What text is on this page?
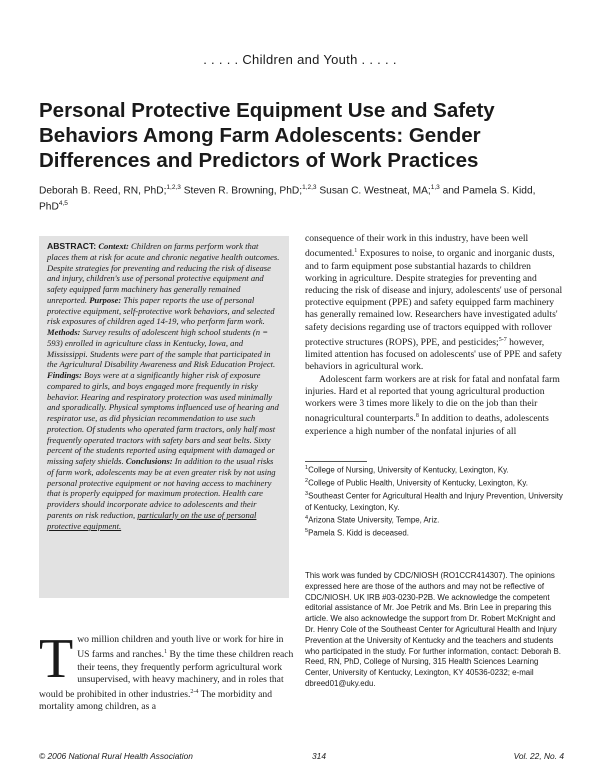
. . . . . Children and Youth . . . . .
Personal Protective Equipment Use and Safety Behaviors Among Farm Adolescents: Gender Differences and Predictors of Work Practices
Deborah B. Reed, RN, PhD;$^{1,2,3}$ Steven R. Browning, PhD;$^{1,2,3}$ Susan C. Westneat, MA;$^{1,3}$ and Pamela S. Kidd, PhD$^{4,5}$
ABSTRACT: Context: Children on farms perform work that places them at risk for acute and chronic negative health outcomes. Despite strategies for preventing and reducing the risk of disease and injury, children's use of personal protective equipment and safety equipped farm machinery has generally remained unreported. Purpose: This paper reports the use of personal protective equipment, self-protective work behaviors, and selected risk exposures of children aged 14-19, who perform farm work. Methods: Survey results of adolescent high school students (n = 593) enrolled in agriculture class in Kentucky, Iowa, and Mississippi. Students were part of the sample that participated in the Agricultural Disability Awareness and Risk Education Project. Findings: Boys were at a significantly higher risk of exposure compared to girls, and boys engaged more frequently in risky behavior. Hearing and respiratory protection was used minimally and sporadically. Physical symptoms influenced use of hearing and respirator use, as did physician recommendation to use such protection. Of students who operated farm tractors, only half most frequently operated tractors with safety bars and seat belts. Sixty percent of the students reported using equipment with damaged or missing safety shields. Conclusions: In addition to the usual risks of farm work, adolescents may be at even greater risk by not using personal protective equipment or not having access to machinery that is properly equipped for maximum protection. Health care providers should incorporate advice to adolescents and their parents on risk reduction, particularly on the use of personal protective equipment.
Two million children and youth live or work for hire in US farms and ranches.$^1$ By the time these children reach their teens, they frequently perform agricultural work unsupervised, with heavy machinery, and in roles that would be prohibited in other industries.$^{2-4}$ The morbidity and mortality among children, as a

consequence of their work in this industry, have been well documented.$^1$ Exposures to noise, to organic and inorganic dusts, and to farm equipment pose substantial hazards to children working in agriculture. Despite strategies for preventing and reducing the risk of disease and injury, adolescents' use of personal protective equipment (PPE) and safety equipped farm machinery has generally remained low. Researchers have investigated adults' safety decisions regarding use of tractors equipped with rollover protective structures (ROPS), PPE, and pesticides;$^{5-7}$ however, limited attention has focused on adolescents' use of PPE and safety behaviors in agricultural work.

Adolescent farm workers are at risk for fatal and nonfatal farm injuries. Hard et al reported that young agricultural production workers were 3 times more likely to die on the job than their nonagricultural counterparts.$^8$ In addition to deaths, adolescents experience a high number of the nonfatal injuries of all

$^1$College of Nursing, University of Kentucky, Lexington, Ky.
$^2$College of Public Health, University of Kentucky, Lexington, Ky.
$^3$Southeast Center for Agricultural Health and Injury Prevention, University of Kentucky, Lexington, Ky.
$^4$Arizona State University, Tempe, Ariz.
$^5$Pamela S. Kidd is deceased.
This work was funded by CDC/NIOSH (RO1CCR414307). The opinions expressed here are those of the authors and may not be reflective of CDC/NIOSH. UK IRB #03-0230-P2B. We acknowledge the competent editorial assistance of Mr. Joe Petrik and Ms. Brin Lee in preparing this article. We also acknowledge the support from Dr. Robert McKnight and Dr. Henry Cole of the Southeast Center for Agricultural Health and Injury Prevention at the University of Kentucky and the teachers and students who participated in the study. For further information, contact: Deborah B. Reed, RN, PhD, College of Nursing, 315 Health Sciences Learning Center, University of Kentucky, Lexington, KY 40536-0232; e-mail dbreed01@uky.edu.
© 2006 National Rural Health Association	314	Vol. 22, No. 4
